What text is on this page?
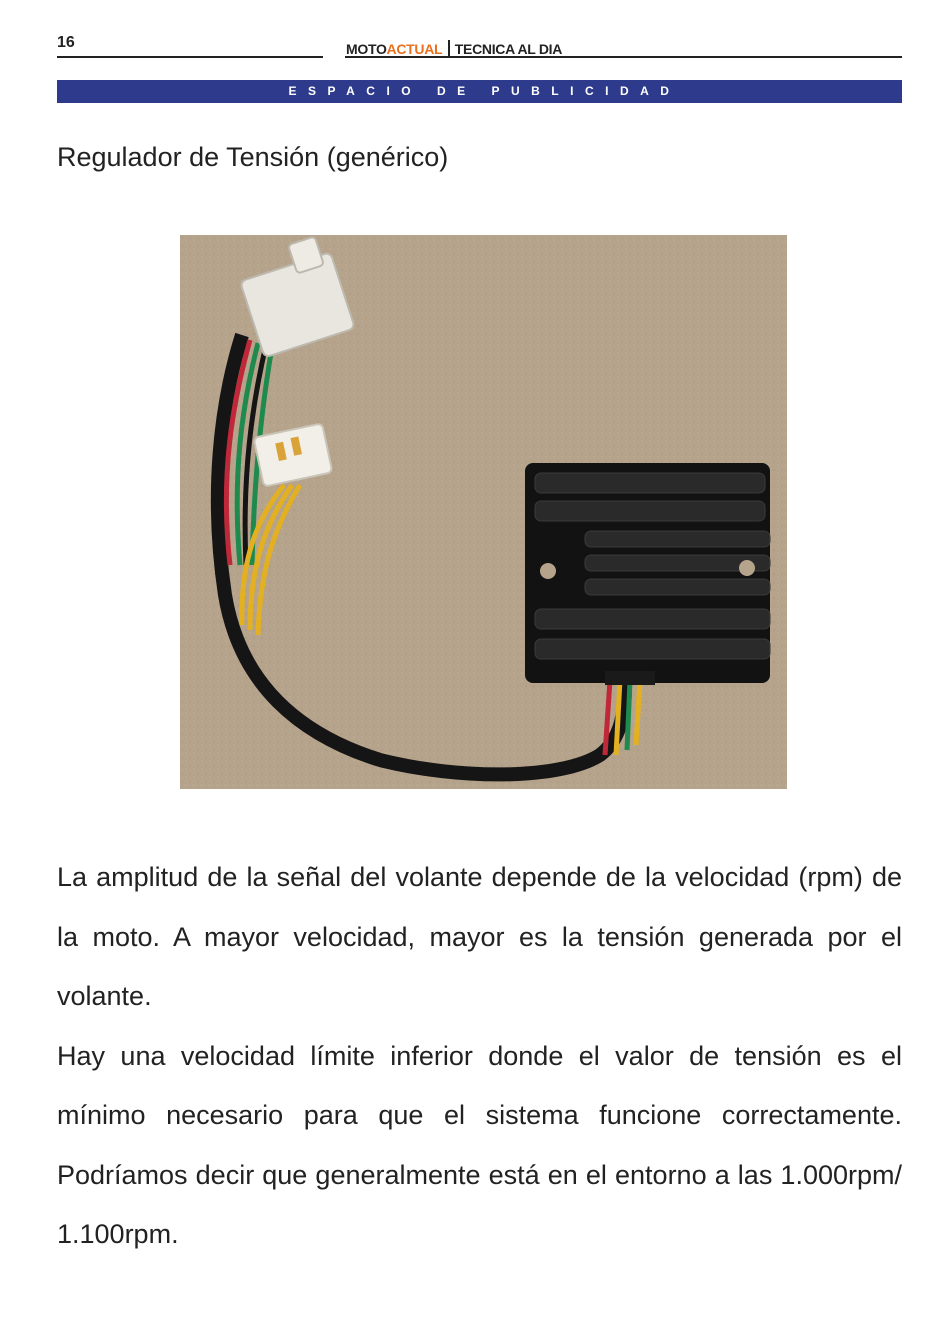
16	MOTOACTUAL TECNICA AL DIA
ESPACIO DE PUBLICIDAD
Regulador de Tensión (genérico)

La amplitud de la señal del volante depende de la velocidad (rpm) de la moto. A mayor velocidad, mayor es la tensión generada por el volante.

Hay una velocidad límite inferior donde el valor de tensión es el mínimo necesario para que el sistema funcione correctamente. Podríamos decir que generalmente está en el entorno a las 1.000rpm/ 1.100rpm.
